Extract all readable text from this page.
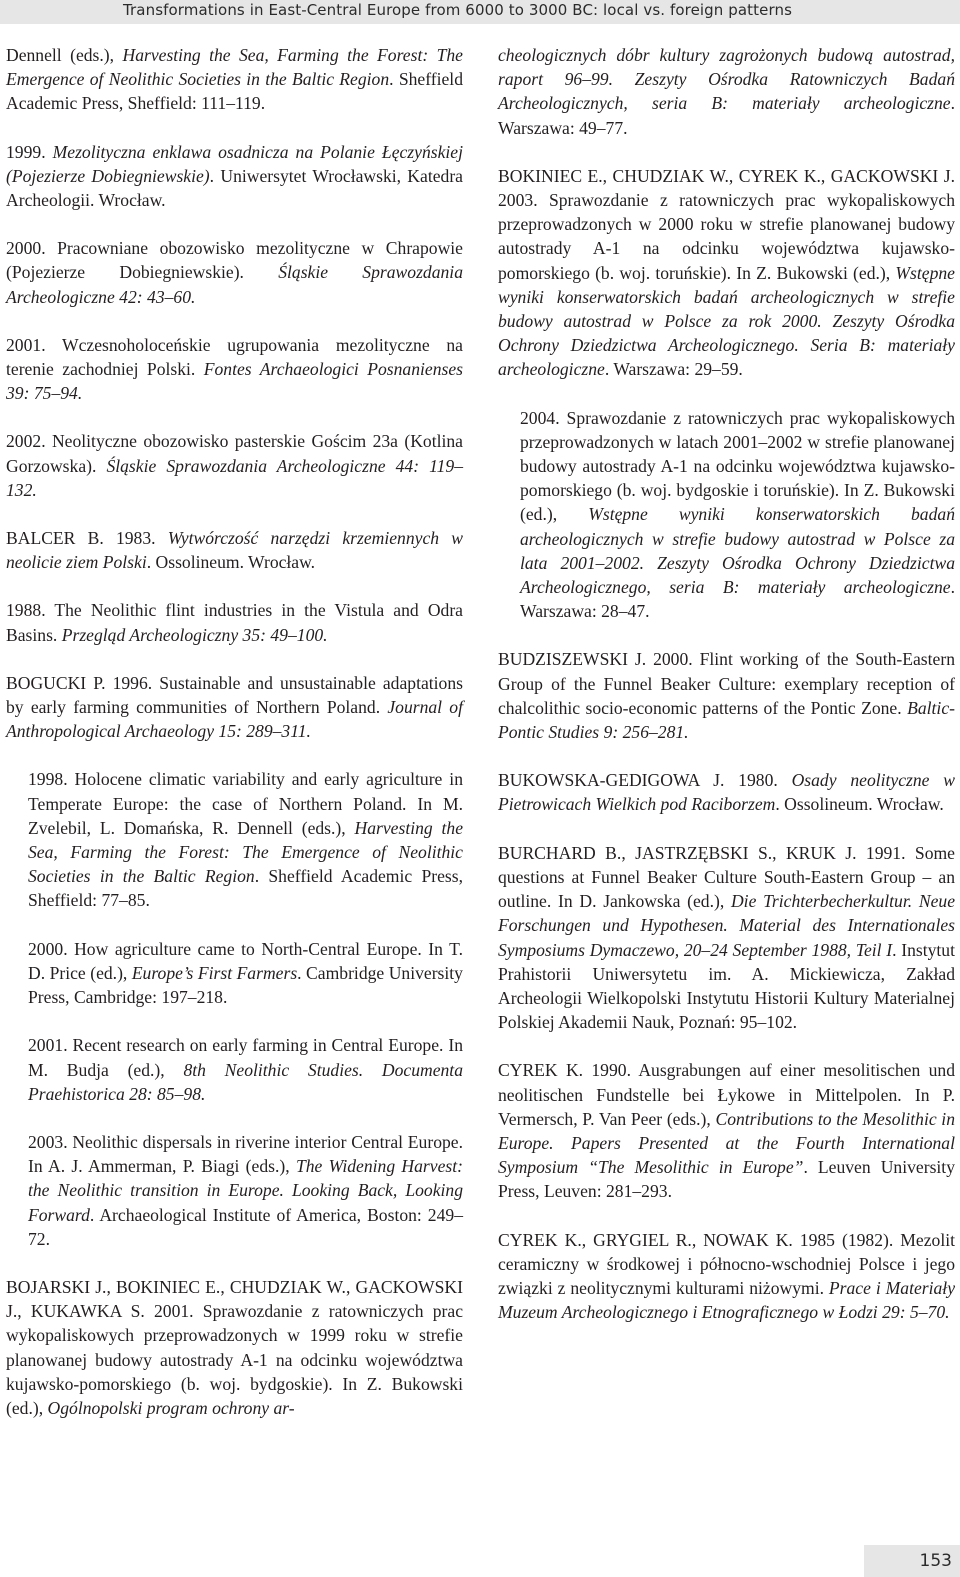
Transformations in East-Central Europe from 6000 to 3000 BC: local vs. foreign patterns

Dennell (eds.), Harvesting the Sea, Farming the Forest: The Emergence of Neolithic Societies in the Baltic Region. Sheffield Academic Press, Sheffield: 111–119.

1999. Mezolityczna enklawa osadnicza na Polanie Łęczyńskiej (Pojezierze Dobiegniewskie). Uniwersytet Wrocławski, Katedra Archeologii. Wrocław.

2000. Pracowniane obozowisko mezolityczne w Chrapowie (Pojezierze Dobiegniewskie). Śląskie Sprawozdania Archeologiczne 42: 43–60.

2001. Wczesnoholoceńskie ugrupowania mezolityczne na terenie zachodniej Polski. Fontes Archaeologici Posnanienses 39: 75–94.

2002. Neolityczne obozowisko pasterskie Gościm 23a (Kotlina Gorzowska). Śląskie Sprawozdania Archeologiczne 44: 119–132.

BALCER B. 1983. Wytwórczość narzędzi krzemiennych w neolicie ziem Polski. Ossolineum. Wrocław.

1988. The Neolithic flint industries in the Vistula and Odra Basins. Przegląd Archeologiczny 35: 49–100.

BOGUCKI P. 1996. Sustainable and unsustainable adaptations by early farming communities of Northern Poland. Journal of Anthropological Archaeology 15: 289–311.

1998. Holocene climatic variability and early agriculture in Temperate Europe: the case of Northern Poland. In M. Zvelebil, L. Domańska, R. Dennell (eds.), Harvesting the Sea, Farming the Forest: The Emergence of Neolithic Societies in the Baltic Region. Sheffield Academic Press, Sheffield: 77–85.

2000. How agriculture came to North-Central Europe. In T. D. Price (ed.), Europe’s First Farmers. Cambridge University Press, Cambridge: 197–218.

2001. Recent research on early farming in Central Europe. In M. Budja (ed.), 8th Neolithic Studies. Documenta Praehistorica 28: 85–98.

2003. Neolithic dispersals in riverine interior Central Europe. In A. J. Ammerman, P. Biagi (eds.), The Widening Harvest: the Neolithic transition in Europe. Looking Back, Looking Forward. Archaeological Institute of America, Boston: 249–72.

BOJARSKI J., BOKINIEC E., CHUDZIAK W., GACKOWSKI J., KUKAWKA S. 2001. Sprawozdanie z ratowniczych prac wykopaliskowych przeprowadzonych w 1999 roku w strefie planowanej budowy autostrady A-1 na odcinku województwa kujawsko-pomorskiego (b. woj. bydgoskie). In Z. Bukowski (ed.), Ogólnopolski program ochrony ar-

cheologicznych dóbr kultury zagrożonych budową autostrad, raport 96–99. Zeszyty Ośrodka Ratowniczych Badań Archeologicznych, seria B: materiały archeologiczne. Warszawa: 49–77.

BOKINIEC E., CHUDZIAK W., CYREK K., GACKOWSKI J. 2003. Sprawozdanie z ratowniczych prac wykopaliskowych przeprowadzonych w 2000 roku w strefie planowanej budowy autostrady A-1 na odcinku województwa kujawsko-pomorskiego (b. woj. toruńskie). In Z. Bukowski (ed.), Wstępne wyniki konserwatorskich badań archeologicznych w strefie budowy autostrad w Polsce za rok 2000. Zeszyty Ośrodka Ochrony Dziedzictwa Archeologicznego. Seria B: materiały archeologiczne. Warszawa: 29–59.

2004. Sprawozdanie z ratowniczych prac wykopaliskowych przeprowadzonych w latach 2001–2002 w strefie planowanej budowy autostrady A-1 na odcinku województwa kujawsko-pomorskiego (b. woj. bydgoskie i toruńskie). In Z. Bukowski (ed.), Wstępne wyniki konserwatorskich badań archeologicznych w strefie budowy autostrad w Polsce za lata 2001–2002. Zeszyty Ośrodka Ochrony Dziedzictwa Archeologicznego, seria B: materiały archeologiczne. Warszawa: 28–47.

BUDZISZEWSKI J. 2000. Flint working of the South-Eastern Group of the Funnel Beaker Culture: exemplary reception of chalcolithic socio-economic patterns of the Pontic Zone. Baltic-Pontic Studies 9: 256–281.

BUKOWSKA-GEDIGOWA J. 1980. Osady neolityczne w Pietrowicach Wielkich pod Raciborzem. Ossolineum. Wrocław.

BURCHARD B., JASTRZĘBSKI S., KRUK J. 1991. Some questions at Funnel Beaker Culture South-Eastern Group – an outline. In D. Jankowska (ed.), Die Trichterbecherkultur. Neue Forschungen und Hypothesen. Material des Internationales Symposiums Dymaczewo, 20–24 September 1988, Teil I. Instytut Prahistorii Uniwersytetu im. A. Mickiewicza, Zakład Archeologii Wielkopolski Instytutu Historii Kultury Materialnej Polskiej Akademii Nauk, Poznań: 95–102.

CYREK K. 1990. Ausgrabungen auf einer mesolitischen und neolitischen Fundstelle bei Łykowe in Mittelpolen. In P. Vermersch, P. Van Peer (eds.), Contributions to the Mesolithic in Europe. Papers Presented at the Fourth International Symposium “The Mesolithic in Europe”. Leuven University Press, Leuven: 281–293.

CYREK K., GRYGIEL R., NOWAK K. 1985 (1982). Mezolit ceramiczny w środkowej i północno-wschodniej Polsce i jego związki z neolitycznymi kulturami niżowymi. Prace i Materiały Muzeum Archeologicznego i Etnograficznego w Łodzi 29: 5–70.

153
